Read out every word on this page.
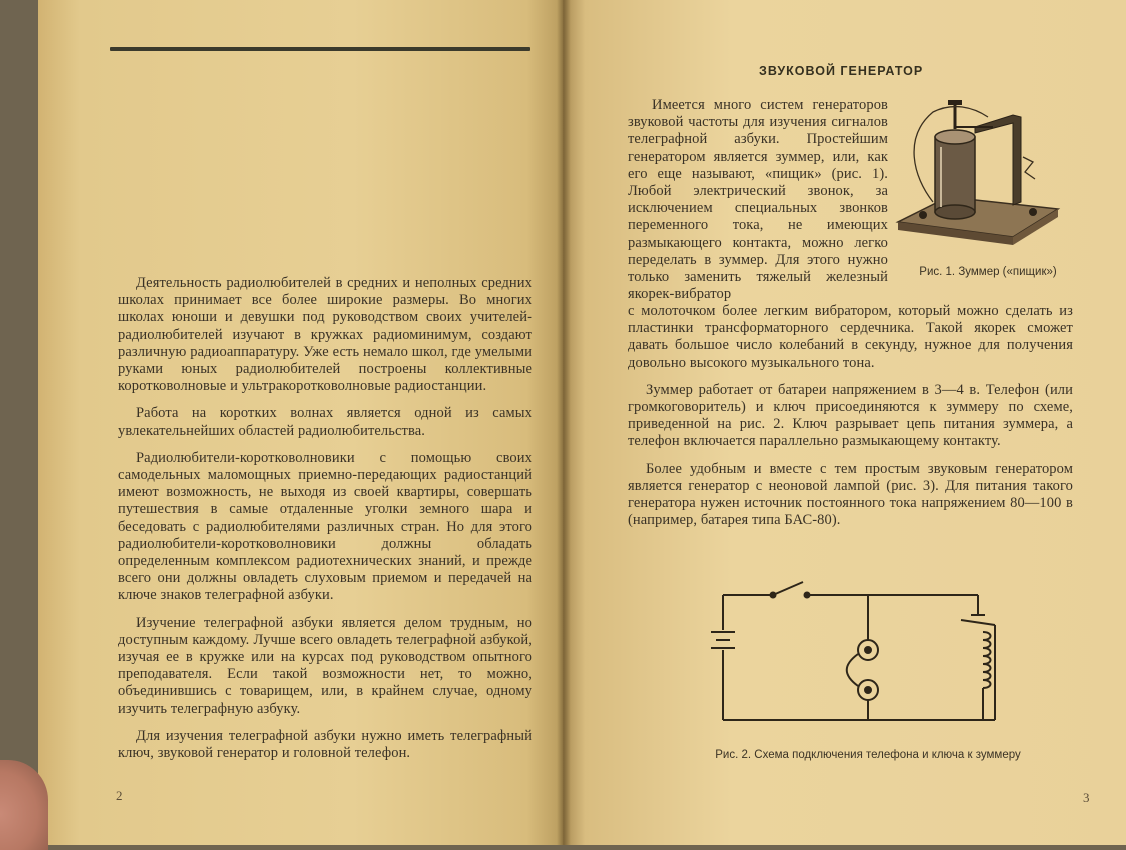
Деятельность радиолюбителей в средних и неполных средних школах принимает все более широкие размеры. Во многих школах юноши и девушки под руководством своих учителей-радиолюбителей изучают в кружках радиоминимум, создают различную радиоаппаратуру. Уже есть немало школ, где умелыми руками юных радиолюбителей построены коллективные коротковолновые и ультракоротковолновые радиостанции.

Работа на коротких волнах является одной из самых увлекательнейших областей радиолюбительства.

Радиолюбители-коротковолновики с помощью своих самодельных маломощных приемно-передающих радиостанций имеют возможность, не выходя из своей квартиры, совершать путешествия в самые отдаленные уголки земного шара и беседовать с радиолюбителями различных стран. Но для этого радиолюбители-коротковолновики должны обладать определенным комплексом радиотехнических знаний, и прежде всего они должны овладеть слуховым приемом и передачей на ключе знаков телеграфной азбуки.

Изучение телеграфной азбуки является делом трудным, но доступным каждому. Лучше всего овладеть телеграфной азбукой, изучая ее в кружке или на курсах под руководством опытного преподавателя. Если такой возможности нет, то можно, объединившись с товарищем, или, в крайнем случае, одному изучить телеграфную азбуку.

Для изучения телеграфной азбуки нужно иметь телеграфный ключ, звуковой генератор и головной телефон.

2
ЗВУКОВОЙ ГЕНЕРАТОР

Имеется много систем генераторов звуковой частоты для изучения сигналов телеграфной азбуки. Простейшим генератором является зуммер, или, как его еще называют, «пищик» (рис. 1). Любой электрический звонок, за исключением специальных звонков переменного тока, не имеющих размыкающего контакта, можно легко переделать в зуммер. Для этого нужно только заменить тяжелый железный якорек-вибратор

Рис. 1. Зуммер («пищик»)

с молоточком более легким вибратором, который можно сделать из пластинки трансформаторного сердечника. Такой якорек сможет давать большое число колебаний в секунду, нужное для получения довольно высокого музыкального тона.

Зуммер работает от батареи напряжением в 3—4 в. Телефон (или громкоговоритель) и ключ присоединяются к зуммеру по схеме, приведенной на рис. 2. Ключ разрывает цепь питания зуммера, а телефон включается параллельно размыкающему контакту.

Более удобным и вместе с тем простым звуковым генератором является генератор с неоновой лампой (рис. 3). Для питания такого генератора нужен источник постоянного тока напряжением 80—100 в (например, батарея типа БАС-80).

Рис. 2. Схема подключения телефона и ключа к зуммеру
3
